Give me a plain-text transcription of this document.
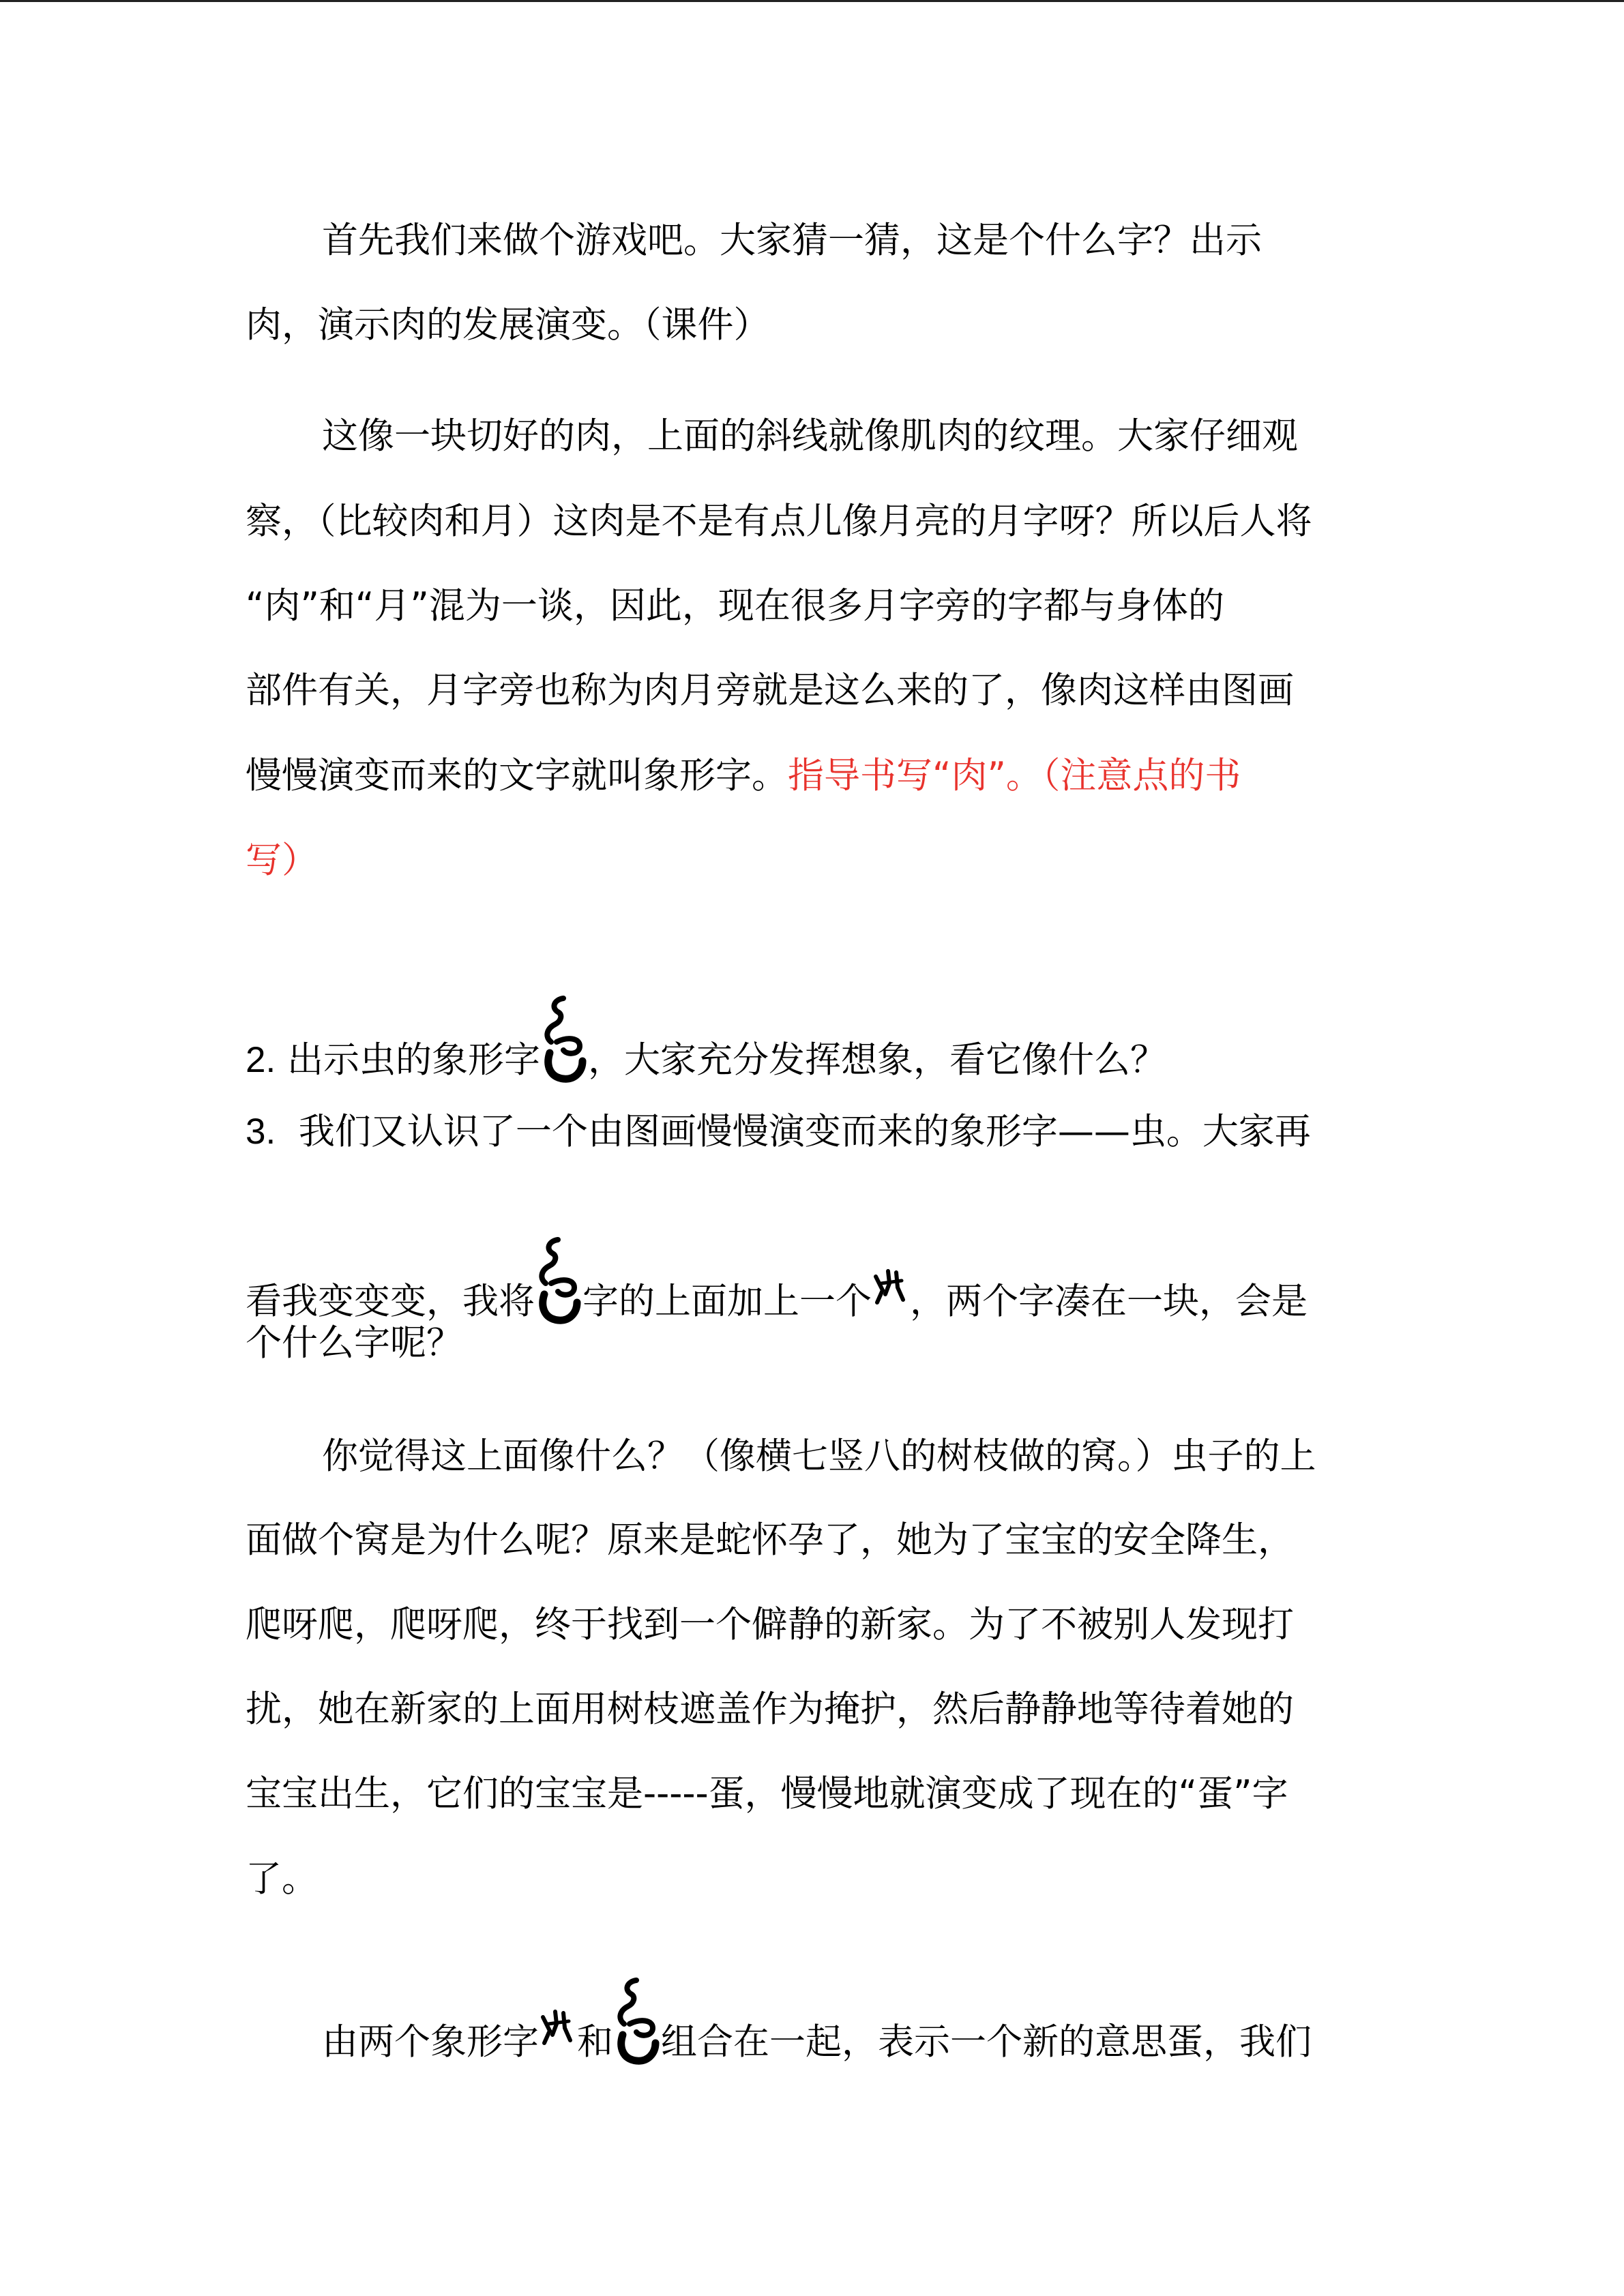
首先我们来做个游戏吧。大家猜一猜，这是个什么字？出示
肉，演示肉的发展演变。（课件）
这像一块切好的肉，上面的斜线就像肌肉的纹理。大家仔细观
察，（比较肉和月）这肉是不是有点儿像月亮的月字呀？所以后人将
“肉”和“月”混为一谈，因此，现在很多月字旁的字都与身体的
部件有关，月字旁也称为肉月旁就是这么来的了，像肉这样由图画
慢慢演变而来的文字就叫象形字。指导书写“肉”。（注意点的书
写）
2. 出示虫的象形字 ，大家充分发挥想象，看它像什么？
3. 我们又认识了一个由图画慢慢演变而来的象形字——虫。大家再
看我变变变，我将 字的上面加上一个 ，两个字凑在一块，会是
个什么字呢？
你觉得这上面像什么？（像横七竖八的树枝做的窝。）虫子的上
面做个窝是为什么呢？原来是蛇怀孕了，她为了宝宝的安全降生，
爬呀爬，爬呀爬，终于找到一个僻静的新家。为了不被别人发现打
扰，她在新家的上面用树枝遮盖作为掩护，然后静静地等待着她的
宝宝出生，它们的宝宝是-----蛋，慢慢地就演变成了现在的“蛋”字
了。
由两个象形字 和 组合在一起，表示一个新的意思蛋，我们
